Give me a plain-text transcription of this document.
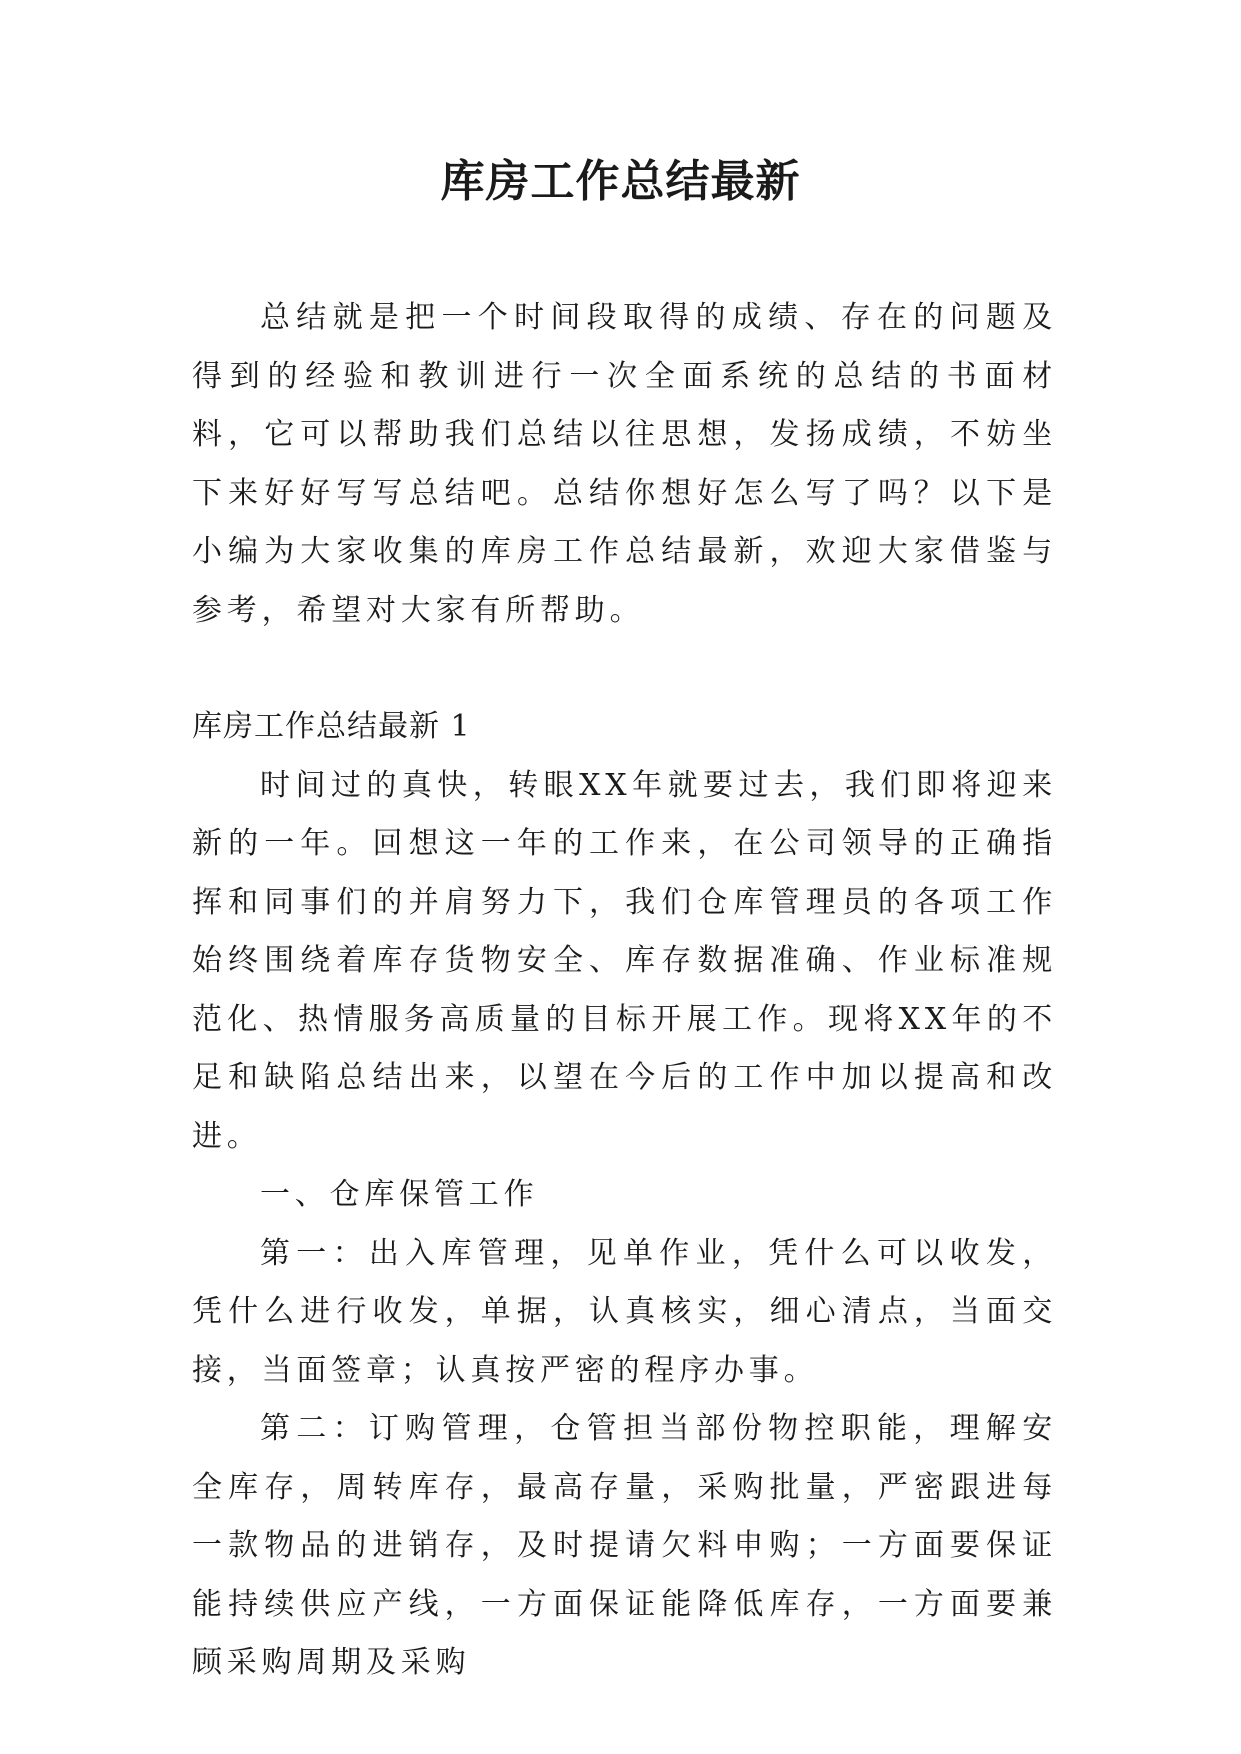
库房工作总结最新

总结就是把一个时间段取得的成绩、存在的问题及得到的经验和教训进行一次全面系统的总结的书面材料，它可以帮助我们总结以往思想，发扬成绩，不妨坐下来好好写写总结吧。总结你想好怎么写了吗？以下是小编为大家收集的库房工作总结最新，欢迎大家借鉴与参考，希望对大家有所帮助。

库房工作总结最新 1

时间过的真快，转眼XX年就要过去，我们即将迎来新的一年。回想这一年的工作来，在公司领导的正确指挥和同事们的并肩努力下，我们仓库管理员的各项工作始终围绕着库存货物安全、库存数据准确、作业标准规范化、热情服务高质量的目标开展工作。现将XX年的不足和缺陷总结出来，以望在今后的工作中加以提高和改进。

一、仓库保管工作

第一：出入库管理，见单作业，凭什么可以收发，凭什么进行收发，单据，认真核实，细心清点，当面交接，当面签章；认真按严密的程序办事。

第二：订购管理，仓管担当部份物控职能，理解安全库存，周转库存，最高存量，采购批量，严密跟进每一款物品的进销存，及时提请欠料申购；一方面要保证能持续供应产线，一方面保证能降低库存，一方面要兼顾采购周期及采购
